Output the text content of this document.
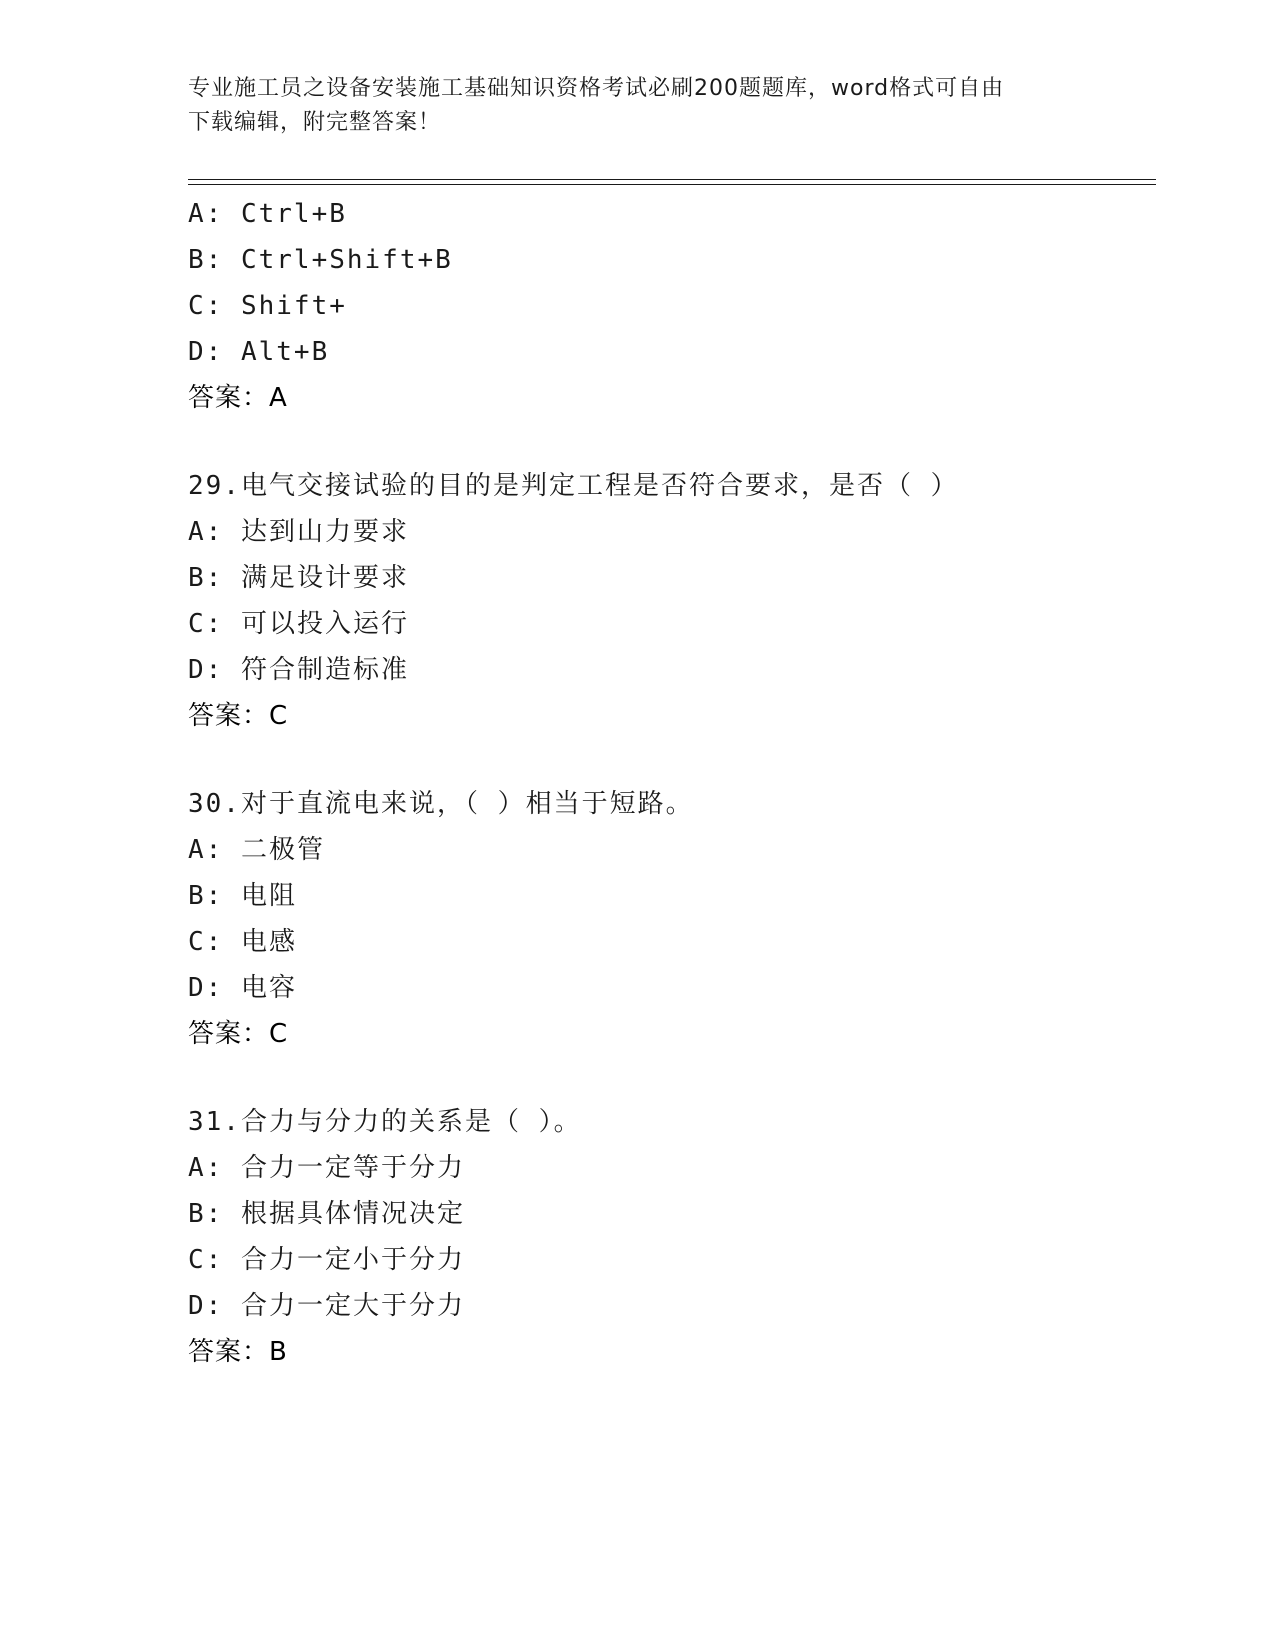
专业施工员之设备安装施工基础知识资格考试必刷200题题库，word格式可自由
下载编辑，附完整答案！
A: Ctrl+B
B: Ctrl+Shift+B
C: Shift+
D: Alt+B
答案：A
29.电气交接试验的目的是判定工程是否符合要求，是否（ ）
A: 达到山力要求
B: 满足设计要求
C: 可以投入运行
D: 符合制造标准
答案：C
30.对于直流电来说，（ ）相当于短路。
A: 二极管
B: 电阻
C: 电感
D: 电容
答案：C
31.合力与分力的关系是（ ）。
A: 合力一定等于分力
B: 根据具体情况决定
C: 合力一定小于分力
D: 合力一定大于分力
答案：B
